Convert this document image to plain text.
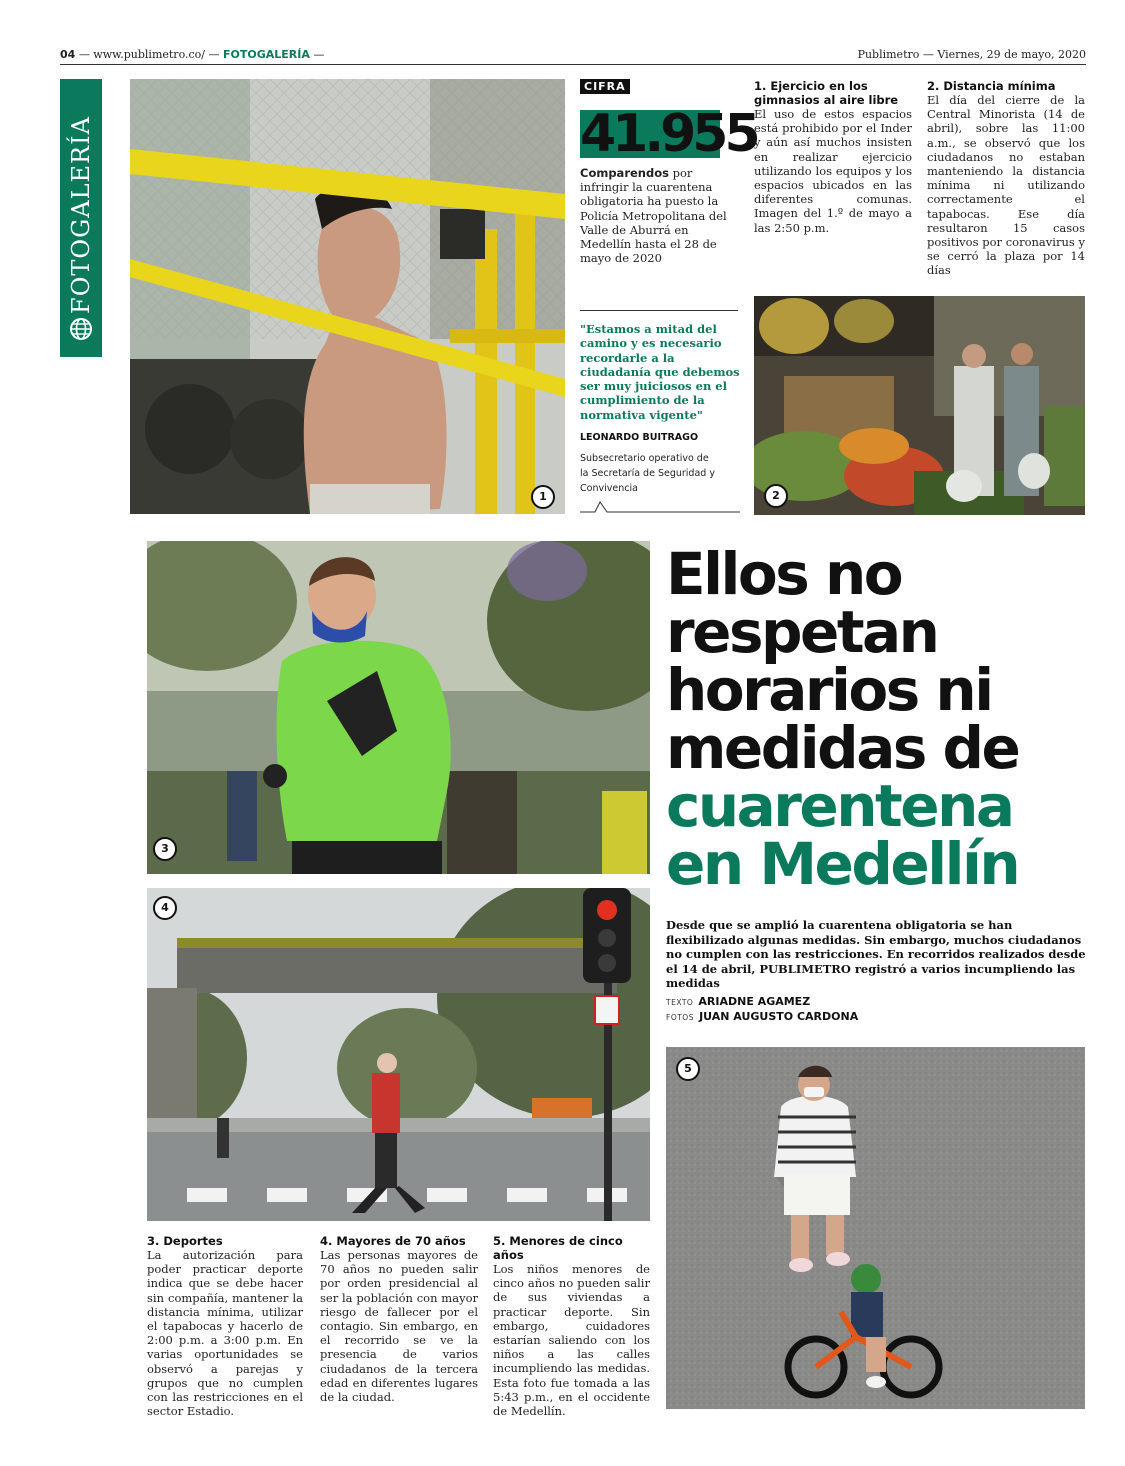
04 — www.publimetro.co/ — FOTOGALERÍA —	Publimetro — Viernes, 29 de mayo, 2020
FOTOGALERÍA
1
CIFRA
41.955
Comparendos por infringir la cuarentena obligatoria ha puesto la Policía Metropolitana del Valle de Aburrá en Medellín hasta el 28 de mayo de 2020
"Estamos a mitad del camino y es necesario recordarle a la ciudadanía que debemos ser muy juiciosos en el cumplimiento de la normativa vigente"
LEONARDO BUITRAGO
Subsecretario operativo de la Secretaría de Seguridad y Convivencia
1. Ejercicio en los gimnasios al aire libre
El uso de estos espacios está prohibido por el Inder y aún así muchos insisten en realizar ejercicio utilizando los equipos y los espacios ubicados en las diferentes comunas. Imagen del 1.º de mayo a las 2:50 p.m.
2. Distancia mínima
El día del cierre de la Central Minorista (14 de abril), sobre las 11:00 a.m., se observó que los ciudadanos no estaban manteniendo la distancia mínima ni utilizando correctamente el tapabocas. Ese día resultaron 15 casos positivos por coronavirus y se cerró la plaza por 14 días
2
3
4
3. Deportes
La autorización para poder practicar deporte indica que se debe hacer sin compañía, mantener la distancia mínima, utilizar el tapabocas y hacerlo de 2:00 p.m. a 3:00 p.m. En varias oportunidades se observó a parejas y grupos que no cumplen con las restricciones en el sector Estadio.
4. Mayores de 70 años
Las personas mayores de 70 años no pueden salir por orden presidencial al ser la población con mayor riesgo de fallecer por el contagio. Sin embargo, en el recorrido se ve la presencia de varios ciudadanos de la tercera edad en diferentes lugares de la ciudad.
5. Menores de cinco años
Los niños menores de cinco años no pueden salir de sus viviendas a practicar deporte. Sin embargo, cuidadores estarían saliendo con los niños a las calles incumpliendo las medidas. Esta foto fue tomada a las 5:43 p.m., en el occidente de Medellín.
Ellos no
respetan
horarios ni
medidas de
cuarentena
en Medellín
Desde que se amplió la cuarentena obligatoria se han flexibilizado algunas medidas. Sin embargo, muchos ciudadanos no cumplen con las restricciones. En recorridos realizados desde el 14 de abril, PUBLIMETRO registró a varios incumpliendo las medidas
TEXTO ARIADNE AGAMEZ
FOTOS JUAN AUGUSTO CARDONA
5
